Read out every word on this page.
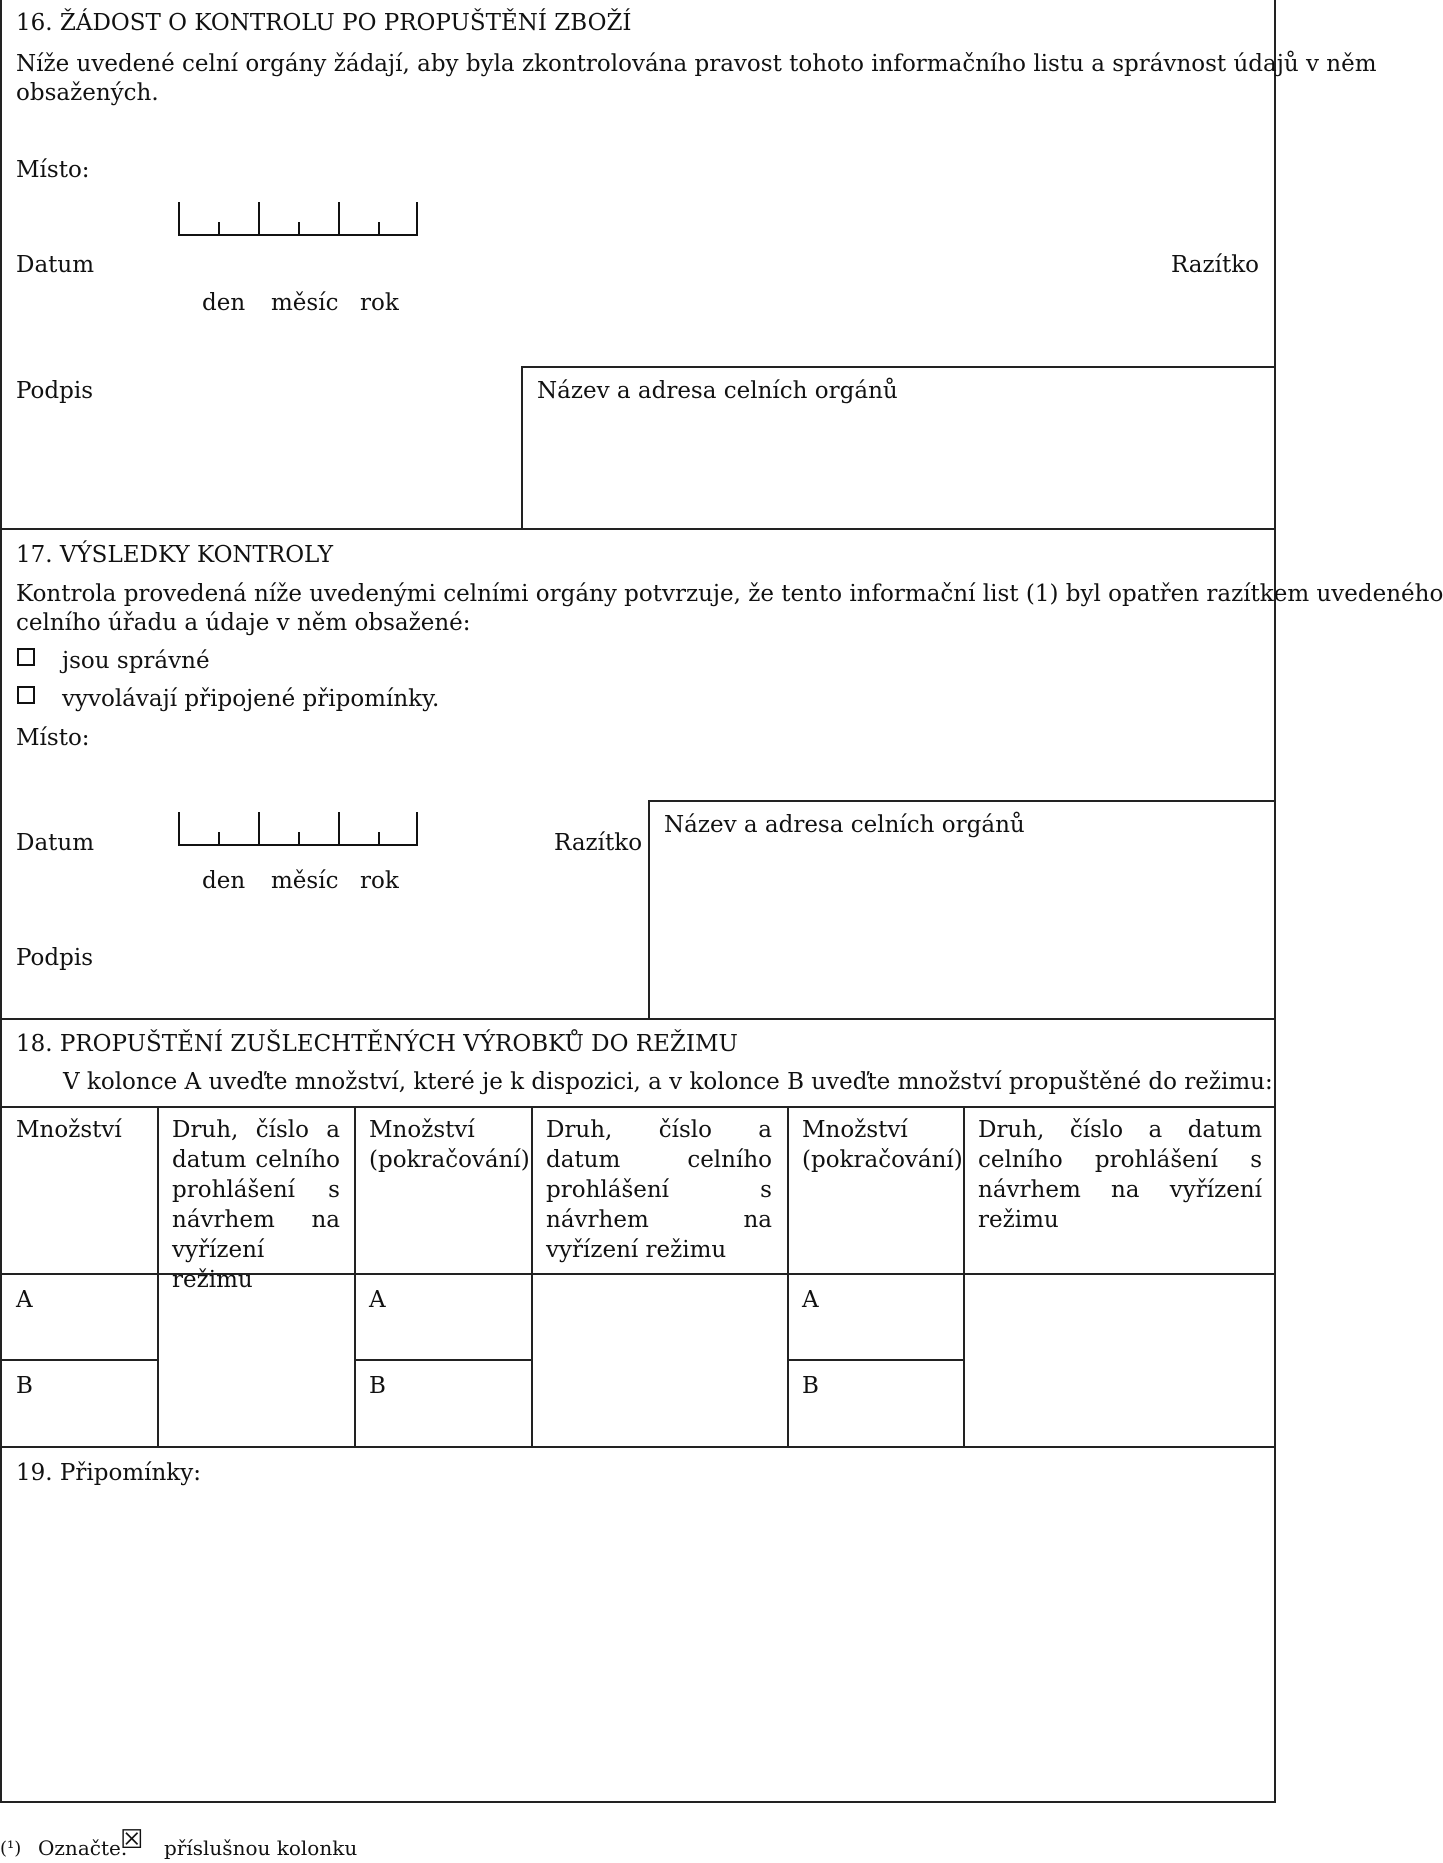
16. ŽÁDOST O KONTROLU PO PROPUŠTĚNÍ ZBOŽÍ
Níže uvedené celní orgány žádají, aby byla zkontrolována pravost tohoto informačního listu a správnost údajů v něm
obsažených.
Místo:
Datum
den měsíc rok
Razítko
Podpis	Název a adresa celních orgánů
17. VÝSLEDKY KONTROLY
Kontrola provedená níže uvedenými celními orgány potvrzuje, že tento informační list (1) byl opatřen razítkem uvedeného
celního úřadu a údaje v něm obsažené:
jsou správné
vyvolávají připojené připomínky.
Místo:
Datum
den měsíc rok
Razítko
Název a adresa celních orgánů
Podpis
18. PROPUŠTĚNÍ ZUŠLECHTĚNÝCH VÝROBKŮ DO REŽIMU
V kolonce A uveďte množství, které je k dispozici, a v kolonce B uveďte množství propuštěné do režimu:
Množství	Druh, číslo a datum celního prohlášení s návrhem na vyřízení režimu
Množství (pokračování)
Druh, číslo a datum celního prohlášení s návrhem na vyřízení režimu
Množství (pokračování)
Druh, číslo a datum celního prohlášení s návrhem na vyřízení režimu
A
B
A
B
A
B
19. Připomínky:
(¹) Označte.
☒ příslušnou kolonku
